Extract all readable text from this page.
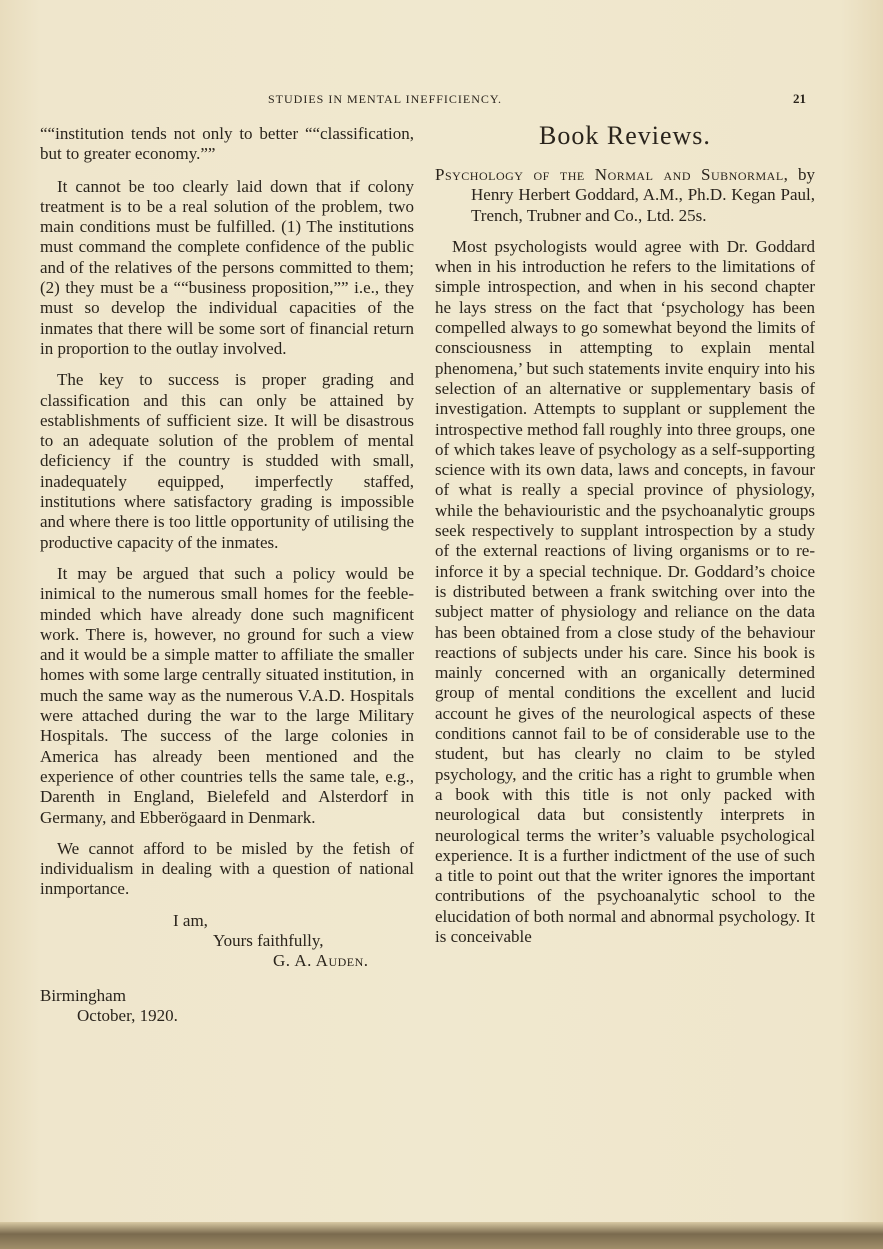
STUDIES IN MENTAL INEFFICIENCY.	21

““institution tends not only to better ““classification, but to greater economy.””

It cannot be too clearly laid down that if colony treatment is to be a real solution of the problem, two main conditions must be fulfilled. (1) The institutions must command the complete confidence of the public and of the relatives of the persons committed to them; (2) they must be a ““business proposition,”” i.e., they must so develop the individual capacities of the inmates that there will be some sort of financial return in proportion to the outlay involved.

The key to success is proper grading and classification and this can only be attained by establishments of sufficient size. It will be disastrous to an adequate solution of the problem of mental deficiency if the country is studded with small, inadequately equipped, imperfectly staffed, institutions where satisfactory grading is impossible and where there is too little opportunity of utilising the productive capacity of the inmates.

It may be argued that such a policy would be inimical to the numerous small homes for the feeble-minded which have already done such magnificent work. There is, however, no ground for such a view and it would be a simple matter to affiliate the smaller homes with some large centrally situated institution, in much the same way as the numerous V.A.D. Hospitals were attached during the war to the large Military Hospitals. The success of the large colonies in America has already been mentioned and the experience of other countries tells the same tale, e.g., Darenth in England, Bielefeld and Alsterdorf in Germany, and Ebberögaard in Denmark.

We cannot afford to be misled by the fetish of individualism in dealing with a question of national inmportance.

I am,
Yours faithfully,
G. A. Auden.
Birmingham
October, 1920.
Book Reviews.

Psychology of the Normal and Subnormal, by Henry Herbert Goddard, A.M., Ph.D. Kegan Paul, Trench, Trubner and Co., Ltd. 25s.

Most psychologists would agree with Dr. Goddard when in his introduction he refers to the limitations of simple introspection, and when in his second chapter he lays stress on the fact that ‘psychology has been compelled always to go somewhat beyond the limits of consciousness in attempting to explain mental phenomena,’ but such statements invite enquiry into his selection of an alternative or supplementary basis of investigation. Attempts to supplant or supplement the introspective method fall roughly into three groups, one of which takes leave of psychology as a self-supporting science with its own data, laws and concepts, in favour of what is really a special province of physiology, while the behaviouristic and the psychoanalytic groups seek respectively to supplant introspection by a study of the external reactions of living organisms or to re-inforce it by a special technique. Dr. Goddard’s choice is distributed between a frank switching over into the subject matter of physiology and reliance on the data has been obtained from a close study of the behaviour reactions of subjects under his care. Since his book is mainly concerned with an organically determined group of mental conditions the excellent and lucid account he gives of the neurological aspects of these conditions cannot fail to be of considerable use to the student, but has clearly no claim to be styled psychology, and the critic has a right to grumble when a book with this title is not only packed with neurological data but consistently interprets in neurological terms the writer’s valuable psychological experience. It is a further indictment of the use of such a title to point out that the writer ignores the important contributions of the psychoanalytic school to the elucidation of both normal and abnormal psychology. It is conceivable
